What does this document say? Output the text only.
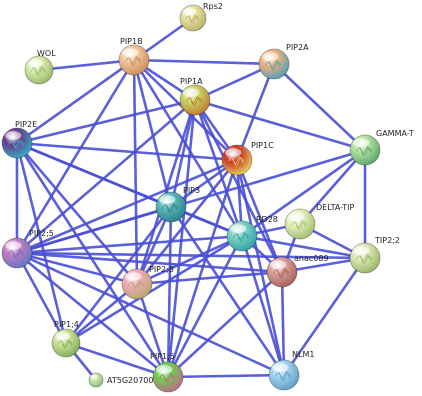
Rps2
WOL
PIP1B
PIP2A
PIP1A
PIP2E
PIP1C
GAMMA-T
PIP3
DELTA-TIP
RD28
PIP2;5
TIP2;2
anac089
PIP2;8
PIP1;4
AT5G20700
PIP1;5	NLM1
